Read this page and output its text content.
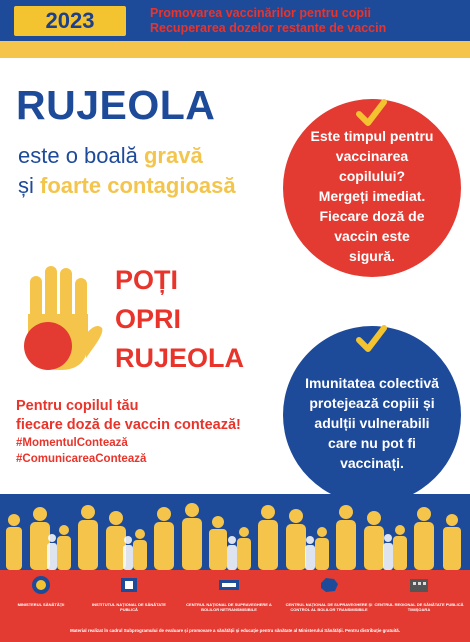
2023	Promovarea vaccinărilor pentru copii
Recuperarea dozelor restante de vaccin
RUJEOLA
este o boală gravă
și foarte contagioasă
Este timpul pentru
vaccinarea copilului?
Mergeți imediat.
Fiecare doză de
vaccin este
sigură.
Imunitatea colectivă
protejează copiii și
adulții vulnerabili
care nu pot fi
vaccinați.
POȚI
OPRI
RUJEOLA
Pentru copilul tău
fiecare doză de vaccin contează!
#MomentulContează
#ComunicareaContează
MINISTERUL SĂNĂTĂȚII	INSTITUTUL NAȚIONAL DE SĂNĂTATE PUBLICĂ
CENTRUL NAȚIONAL DE SUPRAVEGHERE A BOLILOR NETRANSMISIBILE
CENTRUL NAȚIONAL DE SUPRAVEGHERE ȘI CONTROL AL BOLILOR TRANSMISIBILE
CENTRUL REGIONAL DE SĂNĂTATE PUBLICĂ TIMIȘOARA
Material realizat în cadrul Subprogramului de evaluare și promovare a sănătății și educație pentru sănătate al Ministerului Sănătății. Pentru distribuție gratuită.
